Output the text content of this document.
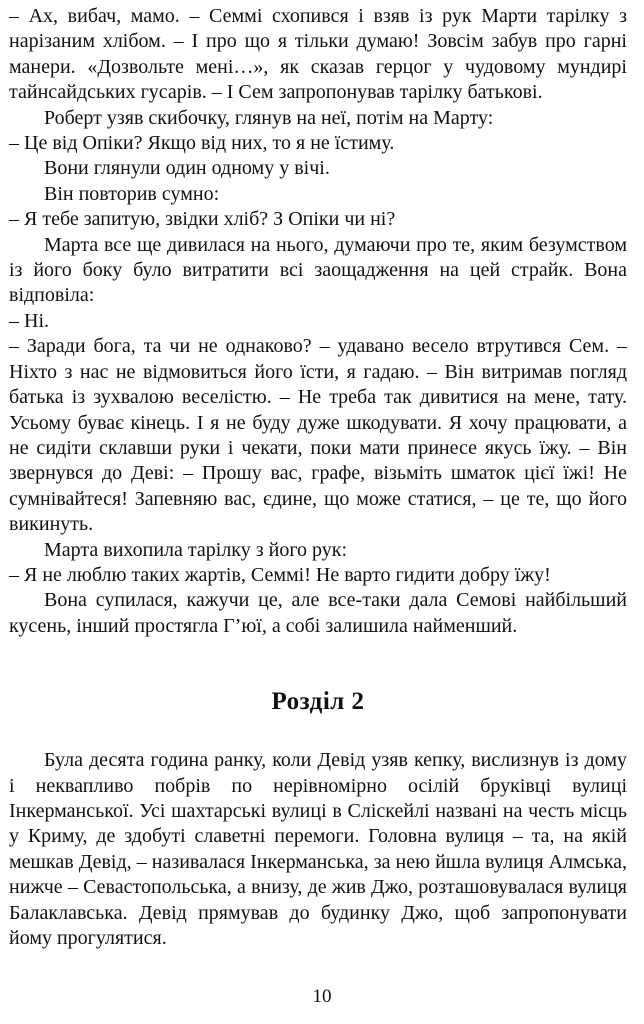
– Ах, вибач, мамо. – Семмі схопився і взяв із рук Марти тарілку з нарізаним хлібом. – І про що я тільки думаю! Зовсім забув про гарні манери. «Дозвольте мені…», як сказав герцог у чудовому мундирі тайнсайдських гусарів. – І Сем запропонував тарілку батькові.

Роберт узяв скибочку, глянув на неї, потім на Марту:

– Це від Опіки? Якщо від них, то я не їстиму.

Вони глянули один одному у вічі.

Він повторив сумно:

– Я тебе запитую, звідки хліб? З Опіки чи ні?

Марта все ще дивилася на нього, думаючи про те, яким безумством із його боку було витратити всі заощадження на цей страйк. Вона відповіла:

– Ні.

– Заради бога, та чи не однаково? – удавано весело втрутився Сем. – Ніхто з нас не відмовиться його їсти, я гадаю. – Він витримав погляд батька із зухвалою веселістю. – Не треба так дивитися на мене, тату. Усьому буває кінець. І я не буду дуже шкодувати. Я хочу працювати, а не сидіти склавши руки і чекати, поки мати принесе якусь їжу. – Він звернувся до Деві: – Прошу вас, графе, візьміть шматок цієї їжі! Не сумнівайтеся! Запевняю вас, єдине, що може статися, – це те, що його викинуть.

Марта вихопила тарілку з його рук:

– Я не люблю таких жартів, Семмі! Не варто гидити добру їжу!

Вона супилася, кажучи це, але все-таки дала Семові найбільший кусень, інший простягла Г’юї, а собі залишила найменший.

Розділ 2

Була десята година ранку, коли Девід узяв кепку, вислизнув із дому і неквапливо побрів по нерівномірно осілій бруківці вулиці Інкерманської. Усі шахтарські вулиці в Слiскейлі названі на честь місць у Криму, де здобуті славетні перемоги. Головна вулиця – та, на якій мешкав Девід, – називалася Інкерманська, за нею йшла вулиця Алмська, нижче – Севастопольська, а внизу, де жив Джо, розташовувалася вулиця Балаклавська. Девід прямував до будинку Джо, щоб запропонувати йому прогулятися.

10
